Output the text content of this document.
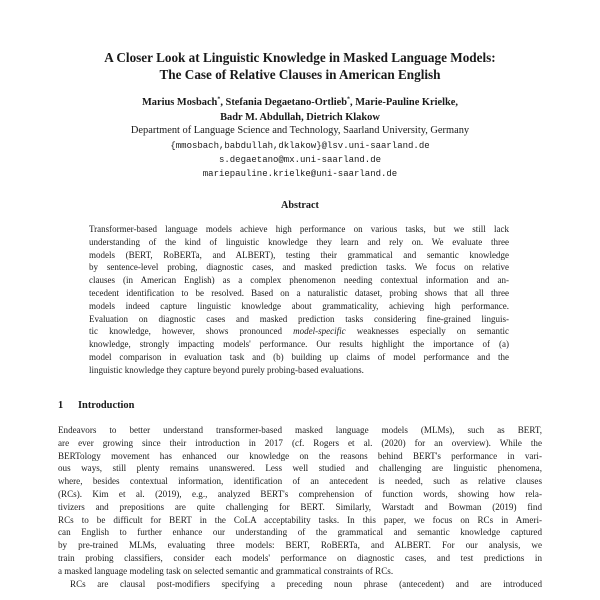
A Closer Look at Linguistic Knowledge in Masked Language Models:
The Case of Relative Clauses in American English
Marius Mosbach*, Stefania Degaetano-Ortlieb*, Marie-Pauline Krielke,
Badr M. Abdullah, Dietrich Klakow
Department of Language Science and Technology, Saarland University, Germany
{mmosbach,babdullah,dklakow}@lsv.uni-saarland.de
s.degaetano@mx.uni-saarland.de
mariepauline.krielke@uni-saarland.de
Abstract
Transformer-based language models achieve high performance on various tasks, but we still lack
understanding of the kind of linguistic knowledge they learn and rely on. We evaluate three
models (BERT, RoBERTa, and ALBERT), testing their grammatical and semantic knowledge
by sentence-level probing, diagnostic cases, and masked prediction tasks. We focus on relative
clauses (in American English) as a complex phenomenon needing contextual information and an-
tecedent identification to be resolved. Based on a naturalistic dataset, probing shows that all three
models indeed capture linguistic knowledge about grammaticality, achieving high performance.
Evaluation on diagnostic cases and masked prediction tasks considering fine-grained linguis-
tic knowledge, however, shows pronounced model-specific weaknesses especially on semantic
knowledge, strongly impacting models' performance. Our results highlight the importance of (a)
model comparison in evaluation task and (b) building up claims of model performance and the
linguistic knowledge they capture beyond purely probing-based evaluations.
1 Introduction
Endeavors to better understand transformer-based masked language models (MLMs), such as BERT,
are ever growing since their introduction in 2017 (cf. Rogers et al. (2020) for an overview). While the
BERTology movement has enhanced our knowledge on the reasons behind BERT's performance in vari-
ous ways, still plenty remains unanswered. Less well studied and challenging are linguistic phenomena,
where, besides contextual information, identification of an antecedent is needed, such as relative clauses
(RCs). Kim et al. (2019), e.g., analyzed BERT's comprehension of function words, showing how rela-
tivizers and prepositions are quite challenging for BERT. Similarly, Warstadt and Bowman (2019) find
RCs to be difficult for BERT in the CoLA acceptability tasks. In this paper, we focus on RCs in Ameri-
can English to further enhance our understanding of the grammatical and semantic knowledge captured
by pre-trained MLMs, evaluating three models: BERT, RoBERTa, and ALBERT. For our analysis, we
train probing classifiers, consider each models' performance on diagnostic cases, and test predictions in
a masked language modeling task on selected semantic and grammatical constraints of RCs.
RCs are clausal post-modifiers specifying a preceding noun phrase (antecedent) and are introduced
